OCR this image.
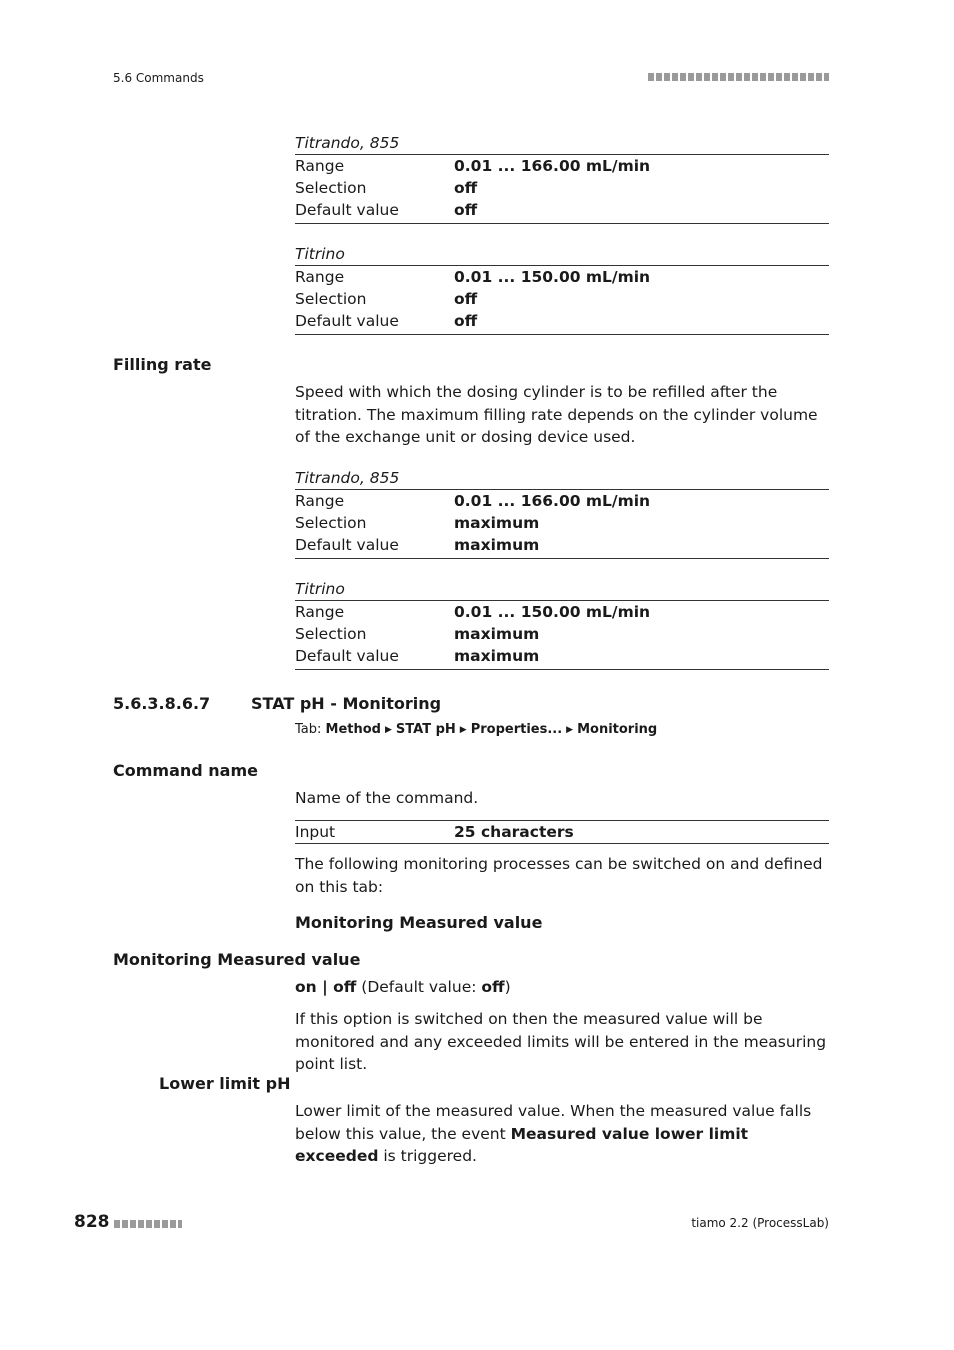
5.6 Commands
Titrando, 855
Range	0.01 ... 166.00 mL/min
Selection	off
Default value	off
Titrino
Range	0.01 ... 150.00 mL/min
Selection	off
Default value	off
Filling rate
Speed with which the dosing cylinder is to be refilled after the titration. The maximum filling rate depends on the cylinder volume of the exchange unit or dosing device used.
Titrando, 855
Range	0.01 ... 166.00 mL/min
Selection	maximum
Default value	maximum
Titrino
Range	0.01 ... 150.00 mL/min
Selection	maximum
Default value	maximum
5.6.3.8.6.7	STAT pH - Monitoring
Tab: Method ▶ STAT pH ▶ Properties... ▶ Monitoring
Command name
Name of the command.
Input	25 characters
The following monitoring processes can be switched on and defined on this tab:
Monitoring Measured value
Monitoring Measured value
on | off (Default value: off)
If this option is switched on then the measured value will be monitored and any exceeded limits will be entered in the measuring point list.
Lower limit pH
Lower limit of the measured value. When the measured value falls below this value, the event Measured value lower limit exceeded is triggered.
828	tiamo 2.2 (ProcessLab)
